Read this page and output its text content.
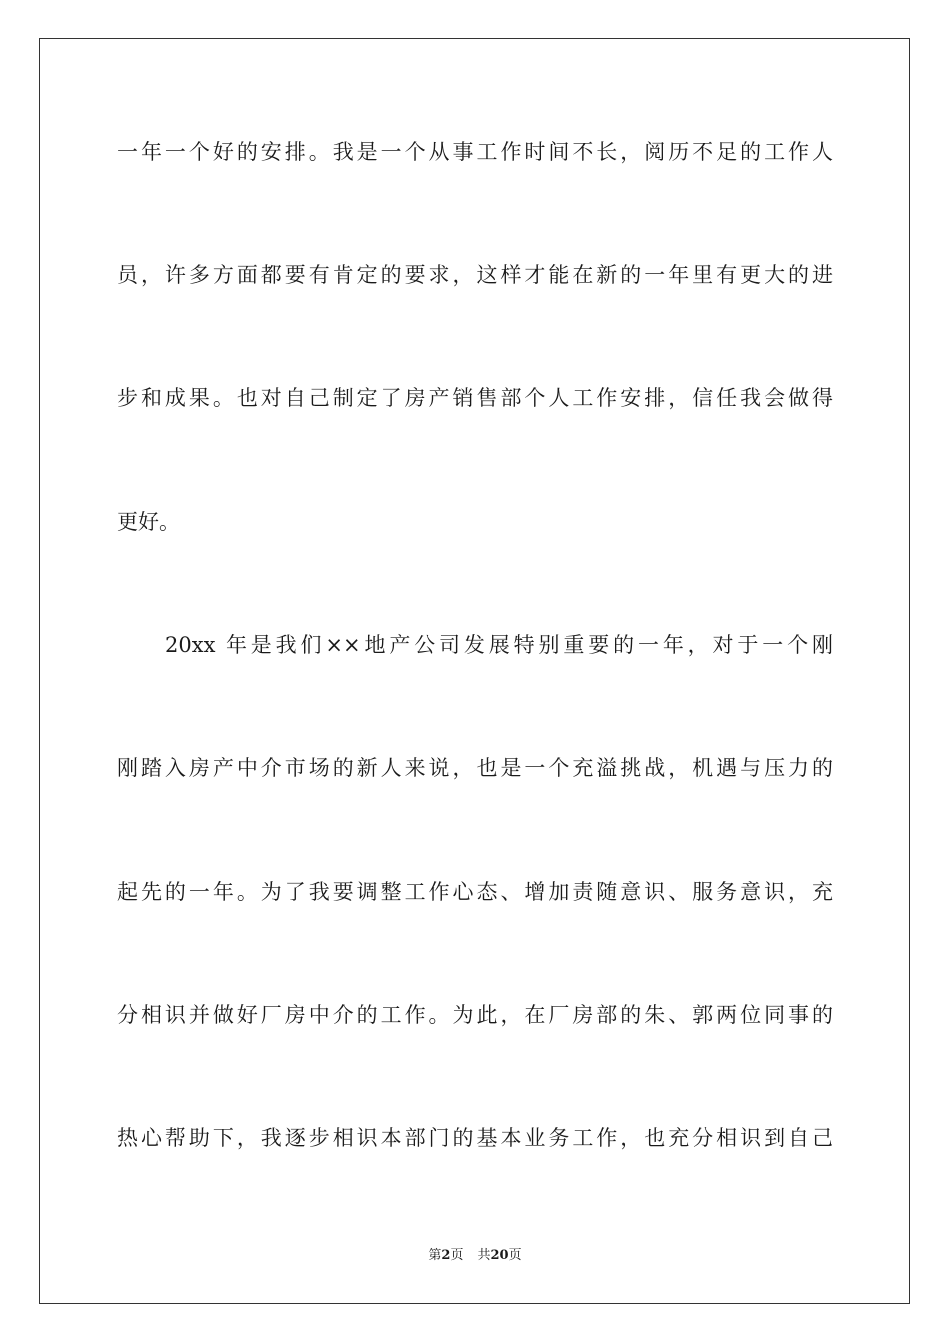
一年一个好的安排。我是一个从事工作时间不长，阅历不足的工作人
员，许多方面都要有肯定的要求，这样才能在新的一年里有更大的进
步和成果。也对自己制定了房产销售部个人工作安排，信任我会做得
更好。
20xx 年是我们××地产公司发展特别重要的一年，对于一个刚
刚踏入房产中介市场的新人来说，也是一个充溢挑战，机遇与压力的
起先的一年。为了我要调整工作心态、增加责随意识、服务意识，充
分相识并做好厂房中介的工作。为此，在厂房部的朱、郭两位同事的
热心帮助下，我逐步相识本部门的基本业务工作，也充分相识到自己
第2页 共20页
